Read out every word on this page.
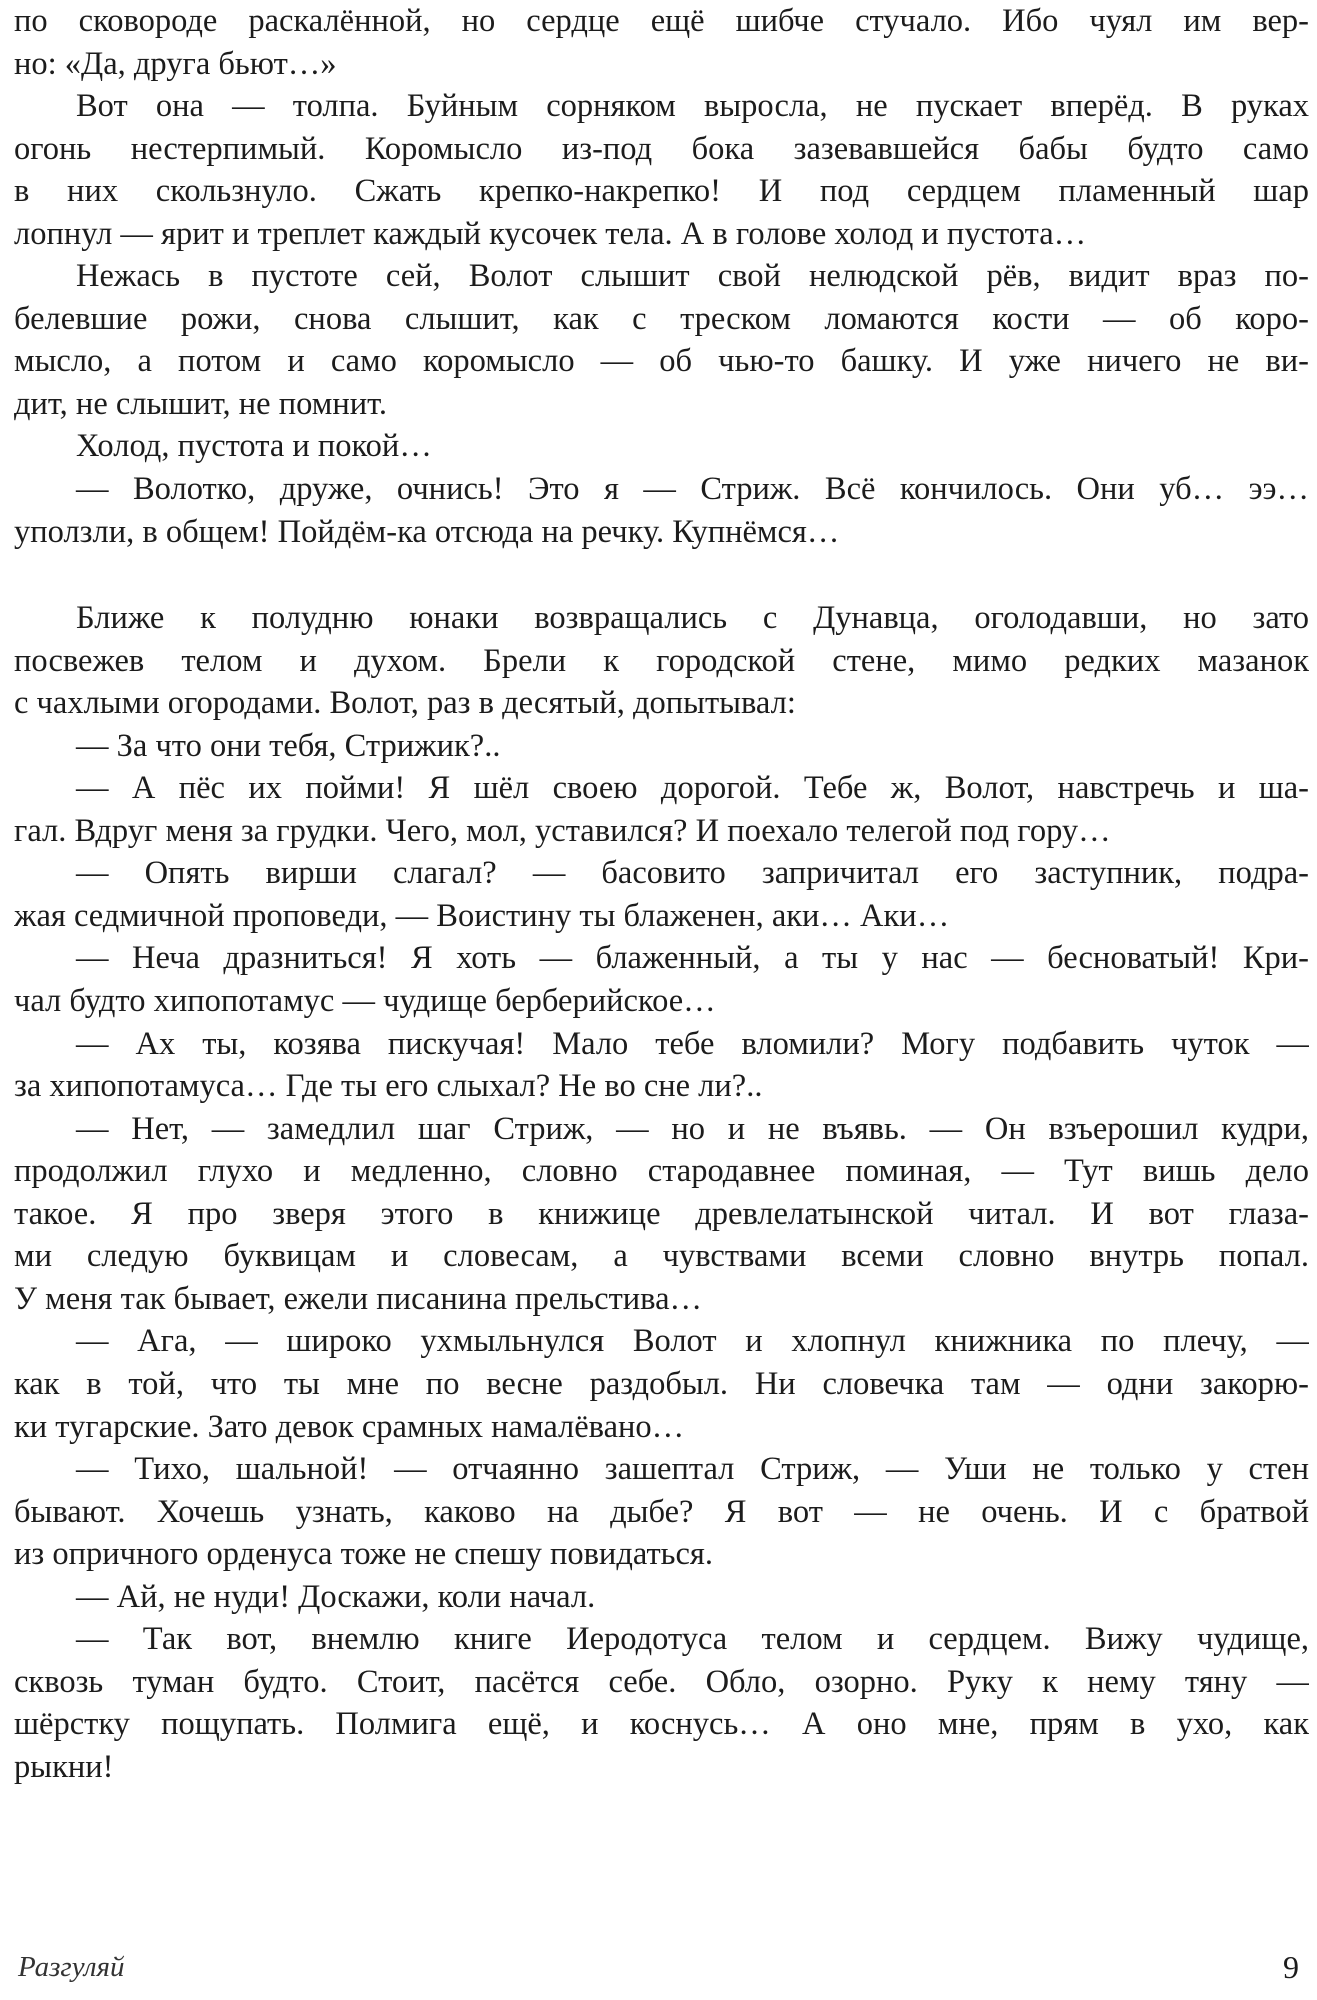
по сковороде раскалённой, но сердце ещё шибче стучало. Ибо чуял им вер-
но: «Да, друга бьют…»
Вот она — толпа. Буйным сорняком выросла, не пускает вперёд. В руках
огонь нестерпимый. Коромысло из-под бока зазевавшейся бабы будто само
в них скользнуло. Сжать крепко-накрепко! И под сердцем пламенный шар
лопнул — ярит и треплет каждый кусочек тела. А в голове холод и пустота…
Нежась в пустоте сей, Волот слышит свой нелюдской рёв, видит враз по-
белевшие рожи, снова слышит, как с треском ломаются кости — об коро-
мысло, а потом и само коромысло — об чью-то башку. И уже ничего не ви-
дит, не слышит, не помнит.
Холод, пустота и покой…
— Волотко, друже, очнись! Это я — Стриж. Всё кончилось. Они уб… ээ…
уползли, в общем! Пойдём-ка отсюда на речку. Купнёмся…
Ближе к полудню юнаки возвращались с Дунавца, оголодавши, но зато
посвежев телом и духом. Брели к городской стене, мимо редких мазанок
с чахлыми огородами. Волот, раз в десятый, допытывал:
— За что они тебя, Стрижик?..
— А пёс их пойми! Я шёл своею дорогой. Тебе ж, Волот, навстречь и ша-
гал. Вдруг меня за грудки. Чего, мол, уставился? И поехало телегой под гору…
— Опять вирши слагал? — басовито запричитал его заступник, подра-
жая седмичной проповеди, — Воистину ты блаженен, аки… Аки…
— Неча дразниться! Я хоть — блаженный, а ты у нас — бесноватый! Кри-
чал будто хипопотамус — чудище берберийское…
— Ах ты, козява пискучая! Мало тебе вломили? Могу подбавить чуток —
за хипопотамуса… Где ты его слыхал? Не во сне ли?..
— Нет, — замедлил шаг Стриж, — но и не въявь. — Он взъерошил кудри,
продолжил глухо и медленно, словно стародавнее поминая, — Тут вишь дело
такое. Я про зверя этого в книжице древлелатынской читал. И вот глаза-
ми следую буквицам и словесам, а чувствами всеми словно внутрь попал.
У меня так бывает, ежели писанина прельстива…
— Ага, — широко ухмыльнулся Волот и хлопнул книжника по плечу, —
как в той, что ты мне по весне раздобыл. Ни словечка там — одни закорю-
ки тугарские. Зато девок срамных намалёвано…
— Тихо, шальной! — отчаянно зашептал Стриж, — Уши не только у стен
бывают. Хочешь узнать, каково на дыбе? Я вот — не очень. И с братвой
из опричного орденуса тоже не спешу повидаться.
— Ай, не нуди! Доскажи, коли начал.
— Так вот, внемлю книге Иеродотуса телом и сердцем. Вижу чудище,
сквозь туман будто. Стоит, пасётся себе. Обло, озорно. Руку к нему тяну —
шёрстку пощупать. Полмига ещё, и коснусь… А оно мне, прям в ухо, как
рыкни!
Разгуляй	9
